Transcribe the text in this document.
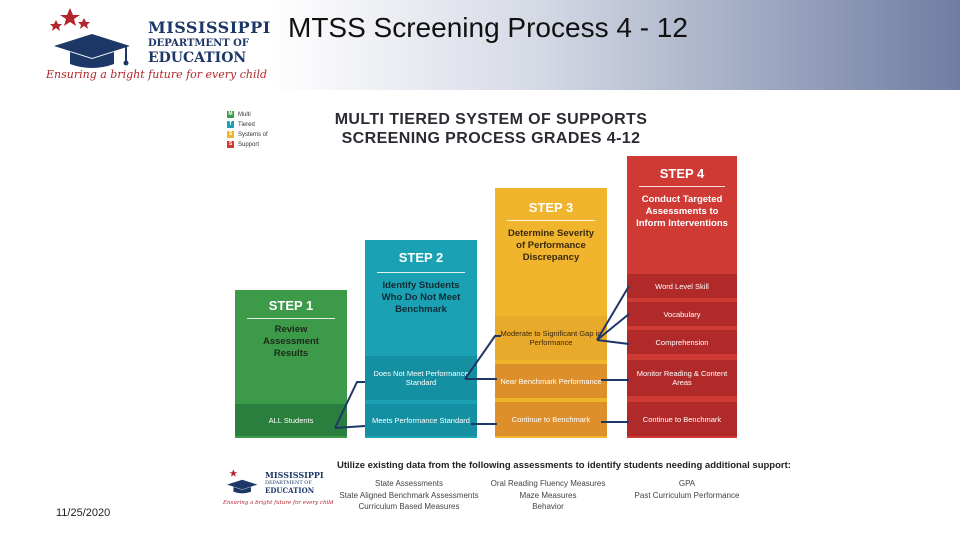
MISSISSIPPI
DEPARTMENT OF
EDUCATION
Ensuring a bright future for every child
MTSS Screening Process 4 - 12
M Multi
T Tiered
S Systems of
S Support
MULTI TIERED SYSTEM OF SUPPORTS
SCREENING PROCESS GRADES 4-12
STEP 1
Review Assessment Results
ALL Students
STEP 2
Identify Students Who Do Not Meet Benchmark
Does Not Meet Performance Standard
Meets Performance Standard
STEP 3
Determine Severity of Performance Discrepancy
Moderate to Significant Gap in Performance
Near Benchmark Performance
Continue to Benchmark
STEP 4
Conduct Targeted Assessments to Inform Interventions
Word Level Skill
Vocabulary
Comprehension
Monitor Reading & Content Areas
Continue to Benchmark
MISSISSIPPI
DEPARTMENT OF
EDUCATION
Ensuring a bright future for every child
Utilize existing data from the following assessments to identify students needing additional support:
State Assessments
State Aligned Benchmark Assessments
Curriculum Based Measures
Oral Reading Fluency Measures
Maze Measures
Behavior
GPA
Past Curriculum Performance
11/25/2020
